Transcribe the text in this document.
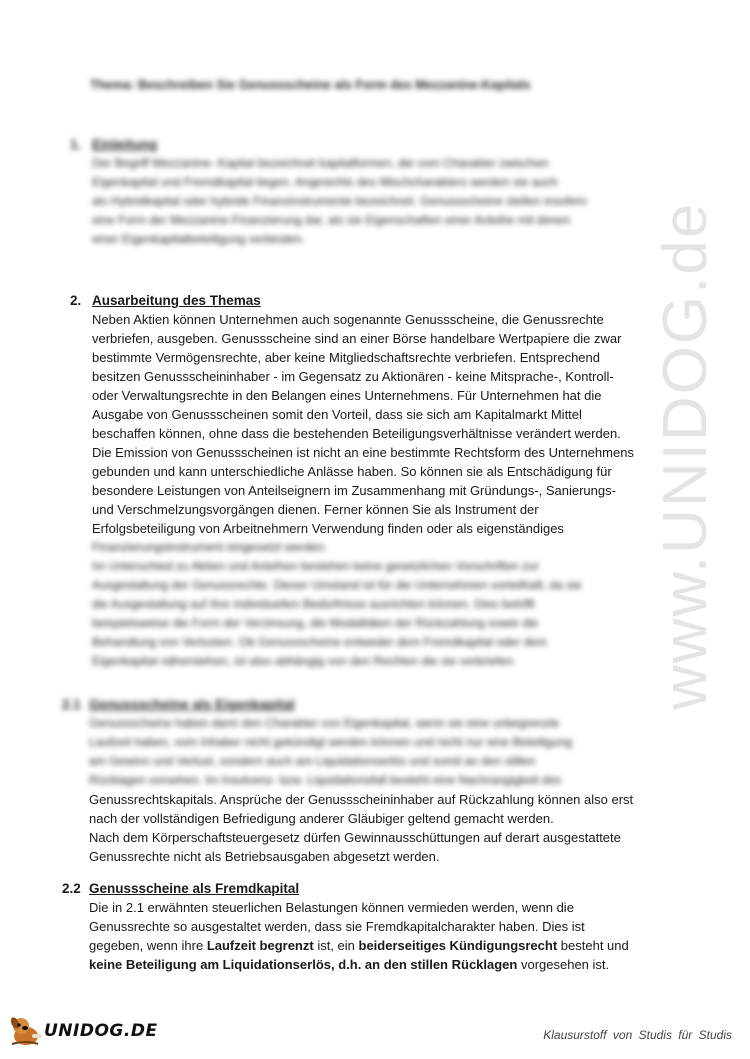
www.UNIDOG.de
Thema: Beschreiben Sie Genussscheine als Form des Mezzanine-Kapitals
1. Einleitung

Der Begriff Mezzanine- Kapital bezeichnet kapitalformen, die vom Charakter zwischen
Eigenkapital und Fremdkapital liegen. Angesichts des Mischcharakters werden sie auch
als Hybridkapital oder hybride Finanzinstrumente bezeichnet. Genussscheine stellen insofern
eine Form der Mezzanine-Finanzierung dar, als sie Eigenschaften einer Anleihe mit denen
einer Eigenkapitalbeteiligung verbinden.

2. Ausarbeitung des Themas

Neben Aktien können Unternehmen auch sogenannte Genussscheine, die Genussrechte
verbriefen, ausgeben. Genussscheine sind an einer Börse handelbare Wertpapiere die zwar
bestimmte Vermögensrechte, aber keine Mitgliedschaftsrechte verbriefen. Entsprechend
besitzen Genussscheininhaber - im Gegensatz zu Aktionären - keine Mitsprache-, Kontroll-
oder Verwaltungsrechte in den Belangen eines Unternehmens. Für Unternehmen hat die
Ausgabe von Genussscheinen somit den Vorteil, dass sie sich am Kapitalmarkt Mittel
beschaffen können, ohne dass die bestehenden Beteiligungsverhältnisse verändert werden.
Die Emission von Genussscheinen ist nicht an eine bestimmte Rechtsform des Unternehmens
gebunden und kann unterschiedliche Anlässe haben. So können sie als Entschädigung für
besondere Leistungen von Anteilseignern im Zusammenhang mit Gründungs-, Sanierungs-
und Verschmelzungsvorgängen dienen. Ferner können Sie als Instrument der
Erfolgsbeteiligung von Arbeitnehmern Verwendung finden oder als eigenständiges

Finanzierungsinstrument eingesetzt werden.
Im Unterschied zu Aktien und Anleihen bestehen keine gesetzlichen Vorschriften zur
Ausgestaltung der Genussrechte. Dieser Umstand ist für die Unternehmen vorteilhaft, da sie
die Ausgestaltung auf ihre individuellen Bedürfnisse ausrichten können. Dies betrifft
beispielsweise die Form der Verzinsung, die Modalitäten der Rückzahlung sowie die
Behandlung von Verlusten. Ob Genussscheine entweder dem Fremdkapital oder dem
Eigenkapital näherstehen, ist also abhängig von den Rechten die sie verbriefen.

2.1 Genussscheine als Eigenkapital

Genussscheine haben dann den Charakter von Eigenkapital, wenn sie eine unbegrenzte
Laufzeit haben, vom Inhaber nicht gekündigt werden können und nicht nur eine Beteiligung
am Gewinn und Verlust, sondern auch am Liquidationserlös und somit an den stillen
Rücklagen vorsehen. Im Insolvenz- bzw. Liquidationsfall besteht eine Nachrangigkeit des

Genussrechtskapitals. Ansprüche der Genussscheininhaber auf Rückzahlung können also erst
nach der vollständigen Befriedigung anderer Gläubiger geltend gemacht werden.
Nach dem Körperschaftsteuergesetz dürfen Gewinnausschüttungen auf derart ausgestattete
Genussrechte nicht als Betriebsausgaben abgesetzt werden.

2.2 Genussscheine als Fremdkapital

Die in 2.1 erwähnten steuerlichen Belastungen können vermieden werden, wenn die
Genussrechte so ausgestaltet werden, dass sie Fremdkapitalcharakter haben. Dies ist
gegeben, wenn ihre Laufzeit begrenzt ist, ein beiderseitiges Kündigungsrecht besteht und
keine Beteiligung am Liquidationserlös, d.h. an den stillen Rücklagen vorgesehen ist.

UNIDOG.DE	Klausurstoff von Studis für Studis
